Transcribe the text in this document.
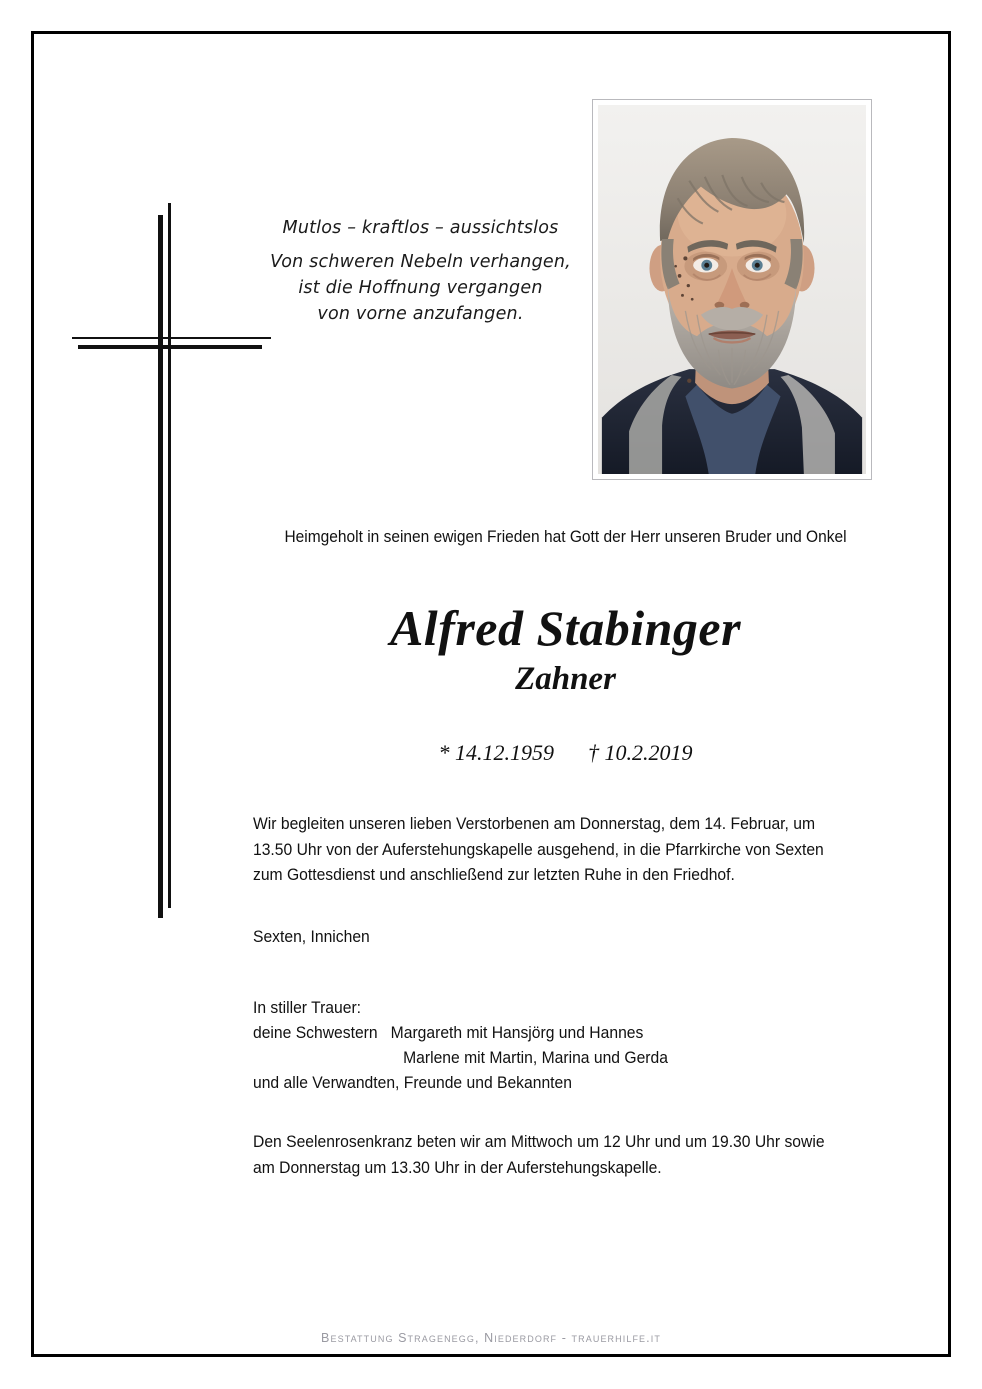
Mutlos – kraftlos – aussichtslos
Von schweren Nebeln verhangen,
ist die Hoffnung vergangen
von vorne anzufangen.
Heimgeholt in seinen ewigen Frieden hat Gott der Herr unseren Bruder und Onkel
Alfred Stabinger
Zahner
* 14.12.1959 † 10.2.2019
Wir begleiten unseren lieben Verstorbenen am Donnerstag, dem 14. Februar, um
13.50 Uhr von der Auferstehungskapelle ausgehend, in die Pfarrkirche von Sexten
zum Gottesdienst und anschließend zur letzten Ruhe in den Friedhof.
Sexten, Innichen
In stiller Trauer:
deine Schwestern   Margareth mit Hansjörg und Hannes
Marlene mit Martin, Marina und Gerda
und alle Verwandten, Freunde und Bekannten
Den Seelenrosenkranz beten wir am Mittwoch um 12 Uhr und um 19.30 Uhr sowie
am Donnerstag um 13.30 Uhr in der Auferstehungskapelle.
Bestattung Stragenegg, Niederdorf - trauerhilfe.it
